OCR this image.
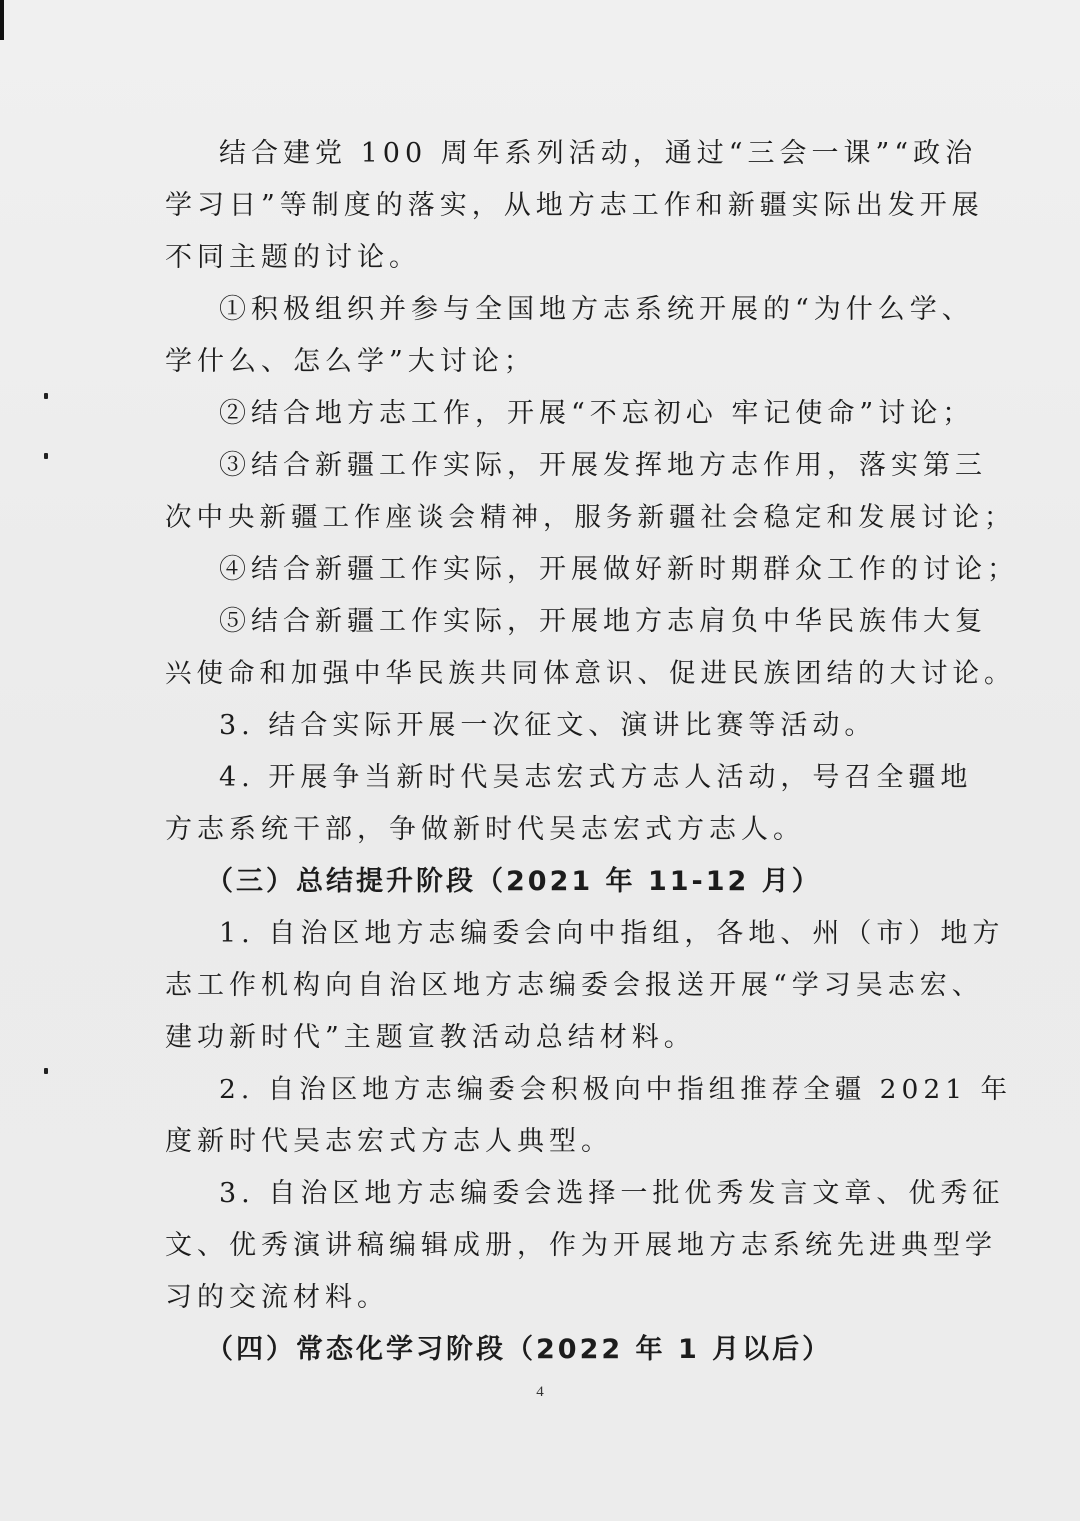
结合建党 100 周年系列活动，通过“三会一课”“政治
学习日”等制度的落实，从地方志工作和新疆实际出发开展
不同主题的讨论。
①积极组织并参与全国地方志系统开展的“为什么学、
学什么、怎么学”大讨论；
②结合地方志工作，开展“不忘初心 牢记使命”讨论；
③结合新疆工作实际，开展发挥地方志作用，落实第三
次中央新疆工作座谈会精神，服务新疆社会稳定和发展讨论；
④结合新疆工作实际，开展做好新时期群众工作的讨论；
⑤结合新疆工作实际，开展地方志肩负中华民族伟大复
兴使命和加强中华民族共同体意识、促进民族团结的大讨论。
3. 结合实际开展一次征文、演讲比赛等活动。
4. 开展争当新时代吴志宏式方志人活动，号召全疆地
方志系统干部，争做新时代吴志宏式方志人。
（三）总结提升阶段（2021 年 11-12 月）
1. 自治区地方志编委会向中指组，各地、州（市）地方
志工作机构向自治区地方志编委会报送开展“学习吴志宏、
建功新时代”主题宣教活动总结材料。
2. 自治区地方志编委会积极向中指组推荐全疆 2021 年
度新时代吴志宏式方志人典型。
3. 自治区地方志编委会选择一批优秀发言文章、优秀征
文、优秀演讲稿编辑成册，作为开展地方志系统先进典型学
习的交流材料。
（四）常态化学习阶段（2022 年 1 月以后）
4
